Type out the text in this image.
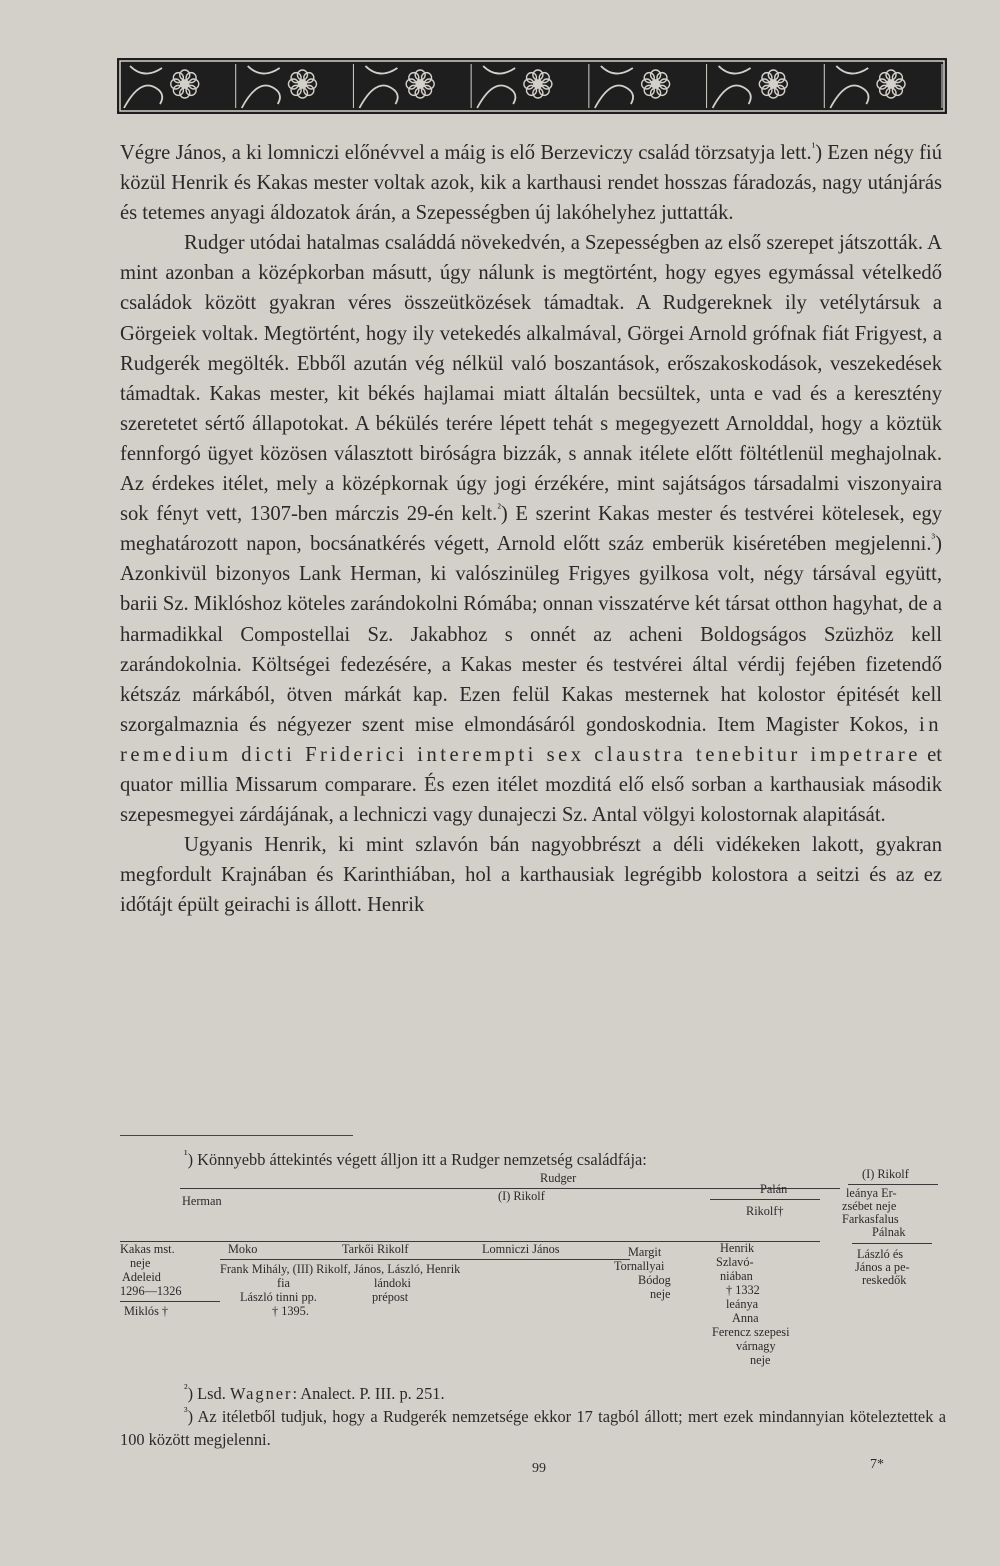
Végre János, a ki lomniczi előnévvel a máig is elő Berzeviczy család törzsatyja lett.$^{^1}$) Ezen négy fiú közül Henrik és Kakas mester voltak azok, kik a karthausi rendet hosszas fáradozás, nagy utánjárás és tetemes anyagi áldozatok árán, a Szepességben új lakóhelyhez juttatták.

Rudger utódai hatalmas családdá növekedvén, a Szepességben az első szerepet játszották. A mint azonban a középkorban másutt, úgy nálunk is megtörtént, hogy egyes egymással vételkedő családok között gyakran véres összeütközések támadtak. A Rudgereknek ily vetélytársuk a Görgeiek voltak. Megtörtént, hogy ily vetekedés alkalmával, Görgei Arnold grófnak fiát Frigyest, a Rudgerék megölték. Ebből azután vég nélkül való boszantások, erőszakoskodások, veszekedések támadtak. Kakas mester, kit békés hajlamai miatt általán becsültek, unta e vad és a keresztény szeretetet sértő állapotokat. A békülés terére lépett tehát s megegyezett Arnolddal, hogy a köztük fennforgó ügyet közösen választott biróságra bizzák, s annak itélete előtt föltétlenül meghajolnak. Az érdekes itélet, mely a középkornak úgy jogi érzékére, mint sajátságos társadalmi viszonyaira sok fényt vett, 1307-ben márczis 29-én kelt.$^{^2}$) E szerint Kakas mester és testvérei kötelesek, egy meghatározott napon, bocsánatkérés végett, Arnold előtt száz emberük kiséretében megjelenni.$^{^3}$) Azonkivül bizonyos Lank Herman, ki valószinüleg Frigyes gyilkosa volt, négy társával együtt, barii Sz. Miklóshoz köteles zarándokolni Rómába; onnan visszatérve két társat otthon hagyhat, de a harmadikkal Compostellai Sz. Jakabhoz s onnét az acheni Boldogságos Szüzhöz kell zarándokolnia. Költségei fedezésére, a Kakas mester és testvérei által vérdij fejében fizetendő kétszáz márkából, ötven márkát kap. Ezen felül Kakas mesternek hat kolostor épitését kell szorgalmaznia és négyezer szent mise elmondásáról gondoskodnia. Item Magister Kokos, in remedium dicti Friderici interempti sex claustra tenebitur impetrare et quator millia Missarum comparare. És ezen itélet mozditá elő első sorban a karthausiak második szepesmegyei zárdájának, a lechniczi vagy dunajeczi Sz. Antal völgyi kolostornak alapitását.

Ugyanis Henrik, ki mint szlavón bán nagyobbrészt a déli vidékeken lakott, gyakran megfordult Krajnában és Karinthiában, hol a karthausiak legrégibb kolostora a seitzi és az ez időtájt épült geirachi is állott. Henrik

$^{^1}$) Könnyebb áttekintés végett álljon itt a Rudger nemzetség családfája:
Rudger	(I) Rikolf
leánya Er-
zsébet neje
Farkasfalus
Pálnak
László és
János a pe-
reskedők
Herman	(I) Rikolf	Palán
Rikolf†
Kakas mst.
neje
Adeleid
1296—1326
Miklós †
Moko
Frank Mihály, (III) Rikolf, János, László, Henrik
fia	lándoki
László tinni pp.	prépost
† 1395.
Tarkői Rikolf	Lomniczi János	Margit
Tornallyai
Bódog
neje
Henrik
Szlavó-
niában
† 1332
leánya
Anna
Ferencz szepesi
várnagy
neje
$^{^2}$) Lsd. Wagner: Analect. P. III. p. 251.
$^{^3}$) Az itéletből tudjuk, hogy a Rudgerék nemzetsége ekkor 17 tagból állott; mert ezek mindannyian köteleztettek a 100 között megjelenni.
99	7*
